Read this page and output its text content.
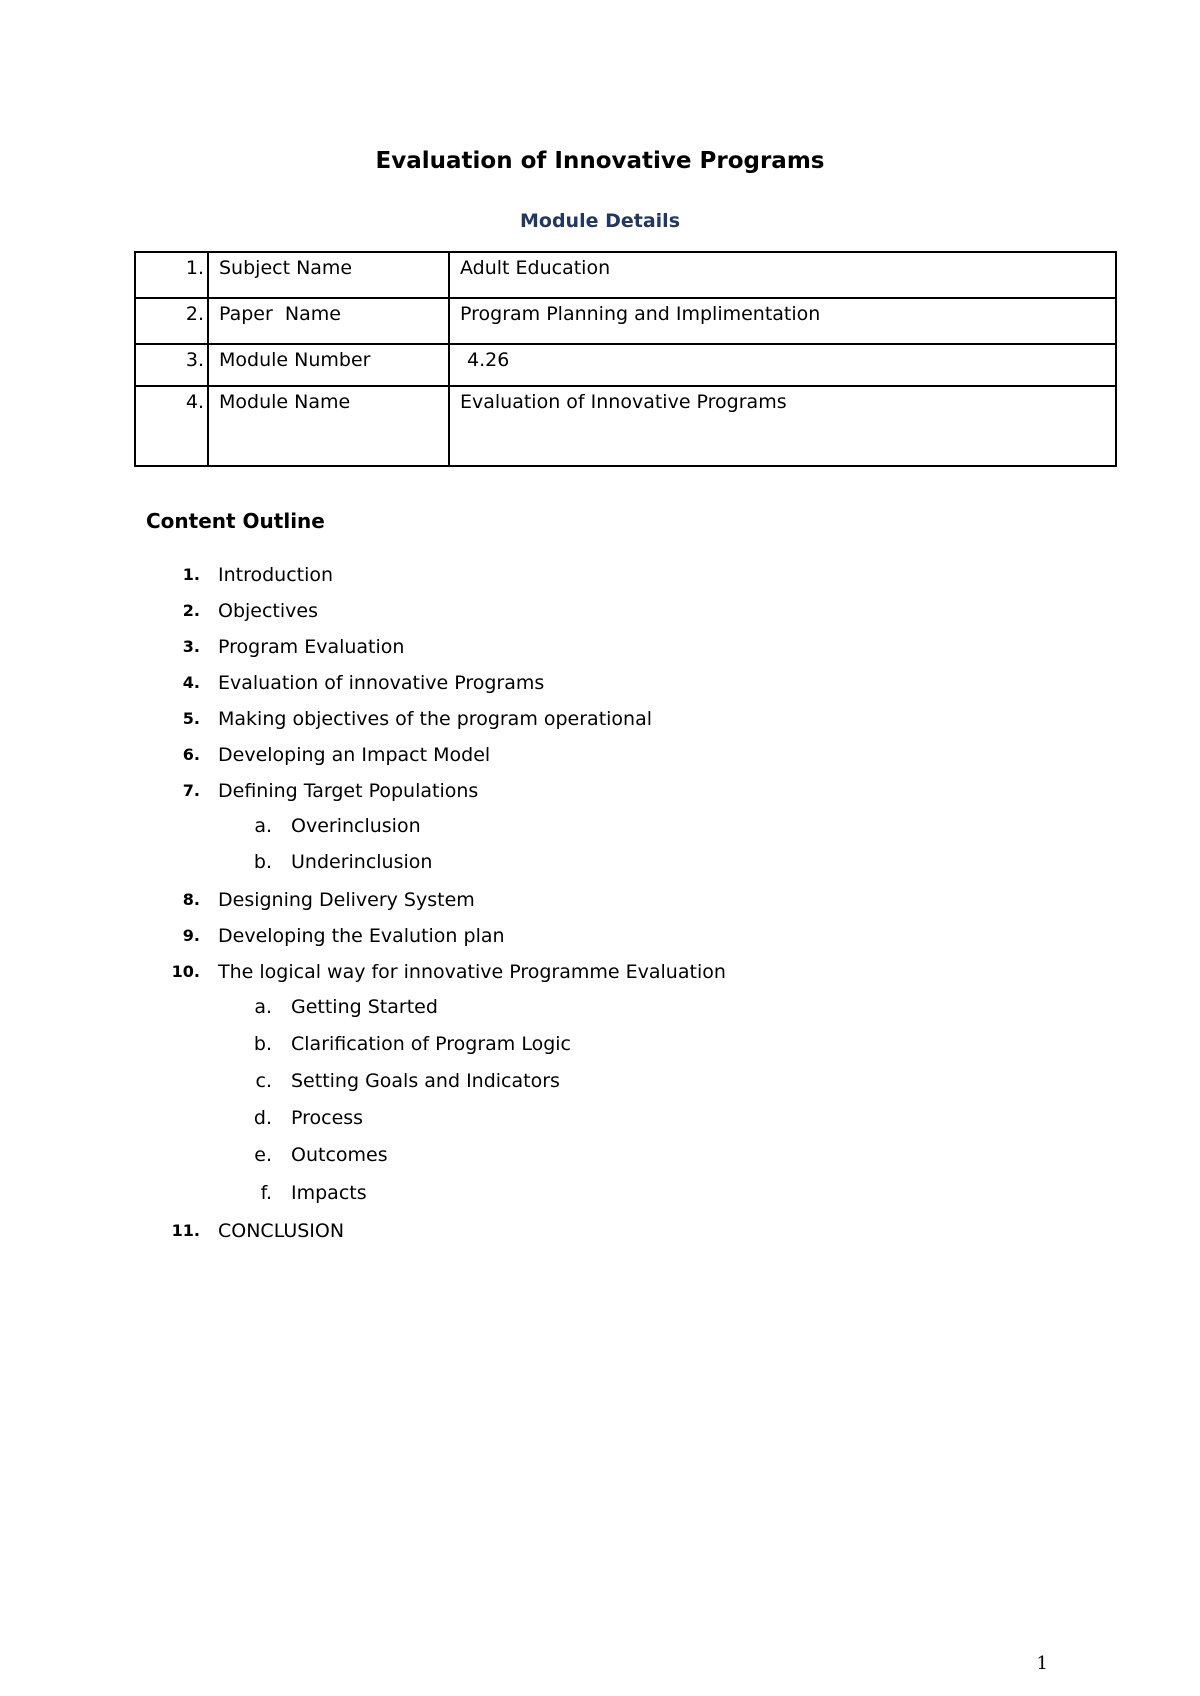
Evaluation of Innovative Programs
Module Details
1.	Subject Name	Adult Education
2.	Paper  Name	Program Planning and Implimentation
3.	Module Number	4.26
4.	Module Name	Evaluation of Innovative Programs
Content Outline
1. Introduction
2. Objectives
3. Program Evaluation
4. Evaluation of innovative Programs
5. Making objectives of the program operational
6. Developing an Impact Model
7. Defining Target Populations
a. Overinclusion
b. Underinclusion
8. Designing Delivery System
9. Developing the Evalution plan
10. The logical way for innovative Programme Evaluation
a. Getting Started
b. Clarification of Program Logic
c. Setting Goals and Indicators
d. Process
e. Outcomes
f. Impacts
11. CONCLUSION
1
